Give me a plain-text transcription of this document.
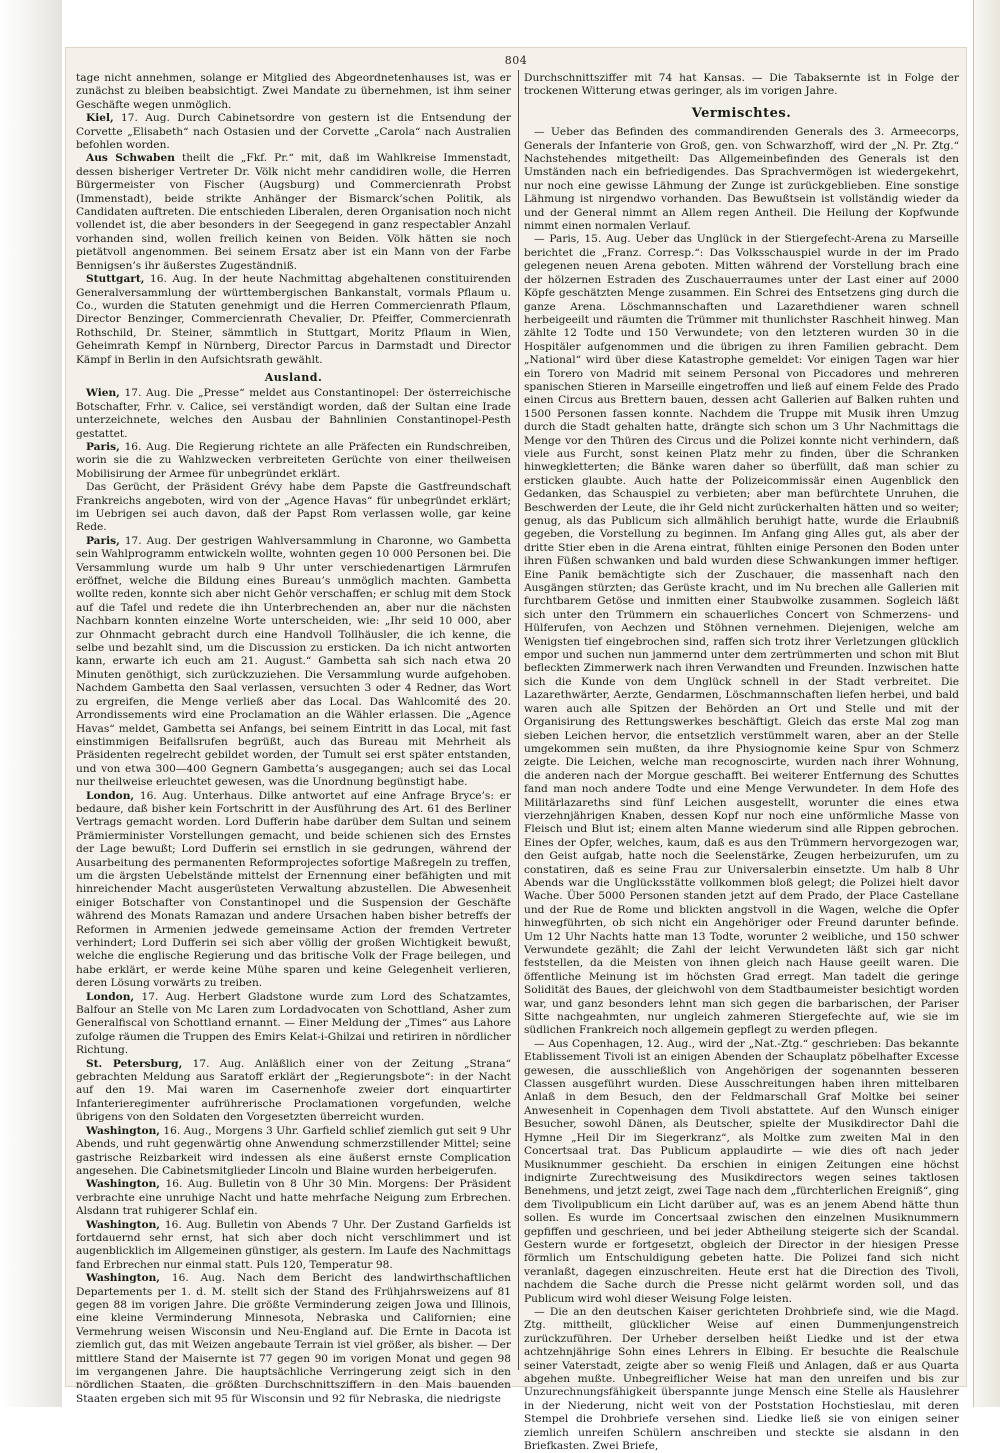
804

tage nicht annehmen, solange er Mitglied des Abgeordnetenhauses ist, was er zunächst zu bleiben beabsichtigt. Zwei Mandate zu übernehmen, ist ihm seiner Geschäfte wegen unmöglich.

Kiel, 17. Aug. Durch Cabinetsordre von gestern ist die Entsendung der Corvette „Elisabeth“ nach Ostasien und der Corvette „Carola“ nach Australien befohlen worden.

Aus Schwaben theilt die „Fkf. Pr.“ mit, daß im Wahlkreise Immenstadt, dessen bisheriger Vertreter Dr. Völk nicht mehr candidiren wolle, die Herren Bürgermeister von Fischer (Augsburg) und Commercienrath Probst (Immenstadt), beide strikte Anhänger der Bismarck’schen Politik, als Candidaten auftreten. Die entschieden Liberalen, deren Organisation noch nicht vollendet ist, die aber besonders in der Seegegend in ganz respectabler Anzahl vorhanden sind, wollen freilich keinen von Beiden. Völk hätten sie noch pietätvoll angenommen. Bei seinem Ersatz aber ist ein Mann von der Farbe Bennigsen’s ihr äußerstes Zugeständniß.

Stuttgart, 16. Aug. In der heute Nachmittag abgehaltenen constituirenden Generalversammlung der württembergischen Bankanstalt, vormals Pflaum u. Co., wurden die Statuten genehmigt und die Herren Commercienrath Pflaum, Director Benzinger, Commercienrath Chevalier, Dr. Pfeiffer, Commercienrath Rothschild, Dr. Steiner, sämmtlich in Stuttgart, Moritz Pflaum in Wien, Geheimrath Kempf in Nürnberg, Director Parcus in Darmstadt und Director Kämpf in Berlin in den Aufsichtsrath gewählt.

Ausland.

Wien, 17. Aug. Die „Presse“ meldet aus Constantinopel: Der österreichische Botschafter, Frhr. v. Calice, sei verständigt worden, daß der Sultan eine Irade unterzeichnete, welches den Ausbau der Bahnlinien Constantinopel-Pesth gestattet.

Paris, 16. Aug. Die Regierung richtete an alle Präfecten ein Rundschreiben, worin sie die zu Wahlzwecken verbreiteten Gerüchte von einer theilweisen Mobilisirung der Armee für unbegründet erklärt.

Das Gerücht, der Präsident Grévy habe dem Papste die Gastfreundschaft Frankreichs angeboten, wird von der „Agence Havas“ für unbegründet erklärt; im Uebrigen sei auch davon, daß der Papst Rom verlassen wolle, gar keine Rede.

Paris, 17. Aug. Der gestrigen Wahlversammlung in Charonne, wo Gambetta sein Wahlprogramm entwickeln wollte, wohnten gegen 10 000 Personen bei. Die Versammlung wurde um halb 9 Uhr unter verschiedenartigen Lärmrufen eröffnet, welche die Bildung eines Bureau’s unmöglich machten. Gambetta wollte reden, konnte sich aber nicht Gehör verschaffen; er schlug mit dem Stock auf die Tafel und redete die ihn Unterbrechenden an, aber nur die nächsten Nachbarn konnten einzelne Worte unterscheiden, wie: „Ihr seid 10 000, aber zur Ohnmacht gebracht durch eine Handvoll Tollhäusler, die ich kenne, die selbe und bezahlt sind, um die Discussion zu ersticken. Da ich nicht antworten kann, erwarte ich euch am 21. August.“ Gambetta sah sich nach etwa 20 Minuten genöthigt, sich zurückzuziehen. Die Versammlung wurde aufgehoben. Nachdem Gambetta den Saal verlassen, versuchten 3 oder 4 Redner, das Wort zu ergreifen, die Menge verließ aber das Local. Das Wahlcomité des 20. Arrondissements wird eine Proclamation an die Wähler erlassen. Die „Agence Havas“ meldet, Gambetta sei Anfangs, bei seinem Eintritt in das Local, mit fast einstimmigen Beifallsrufen begrüßt, auch das Bureau mit Mehrheit als Präsidenten regelrecht gebildet worden, der Tumult sei erst später entstanden, und von etwa 300—400 Gegnern Gambetta’s ausgegangen; auch sei das Local nur theilweise erleuchtet gewesen, was die Unordnung begünstigt habe.

London, 16. Aug. Unterhaus. Dilke antwortet auf eine Anfrage Bryce’s: er bedaure, daß bisher kein Fortschritt in der Ausführung des Art. 61 des Berliner Vertrags gemacht worden. Lord Dufferin habe darüber dem Sultan und seinem Prämierminister Vorstellungen gemacht, und beide schienen sich des Ernstes der Lage bewußt; Lord Dufferin sei ernstlich in sie gedrungen, während der Ausarbeitung des permanenten Reformprojectes sofortige Maßregeln zu treffen, um die ärgsten Uebelstände mittelst der Ernennung einer befähigten und mit hinreichender Macht ausgerüsteten Verwaltung abzustellen. Die Abwesenheit einiger Botschafter von Constantinopel und die Suspension der Geschäfte während des Monats Ramazan und andere Ursachen haben bisher betreffs der Reformen in Armenien jedwede gemeinsame Action der fremden Vertreter verhindert; Lord Dufferin sei sich aber völlig der großen Wichtigkeit bewußt, welche die englische Regierung und das britische Volk der Frage beilegen, und habe erklärt, er werde keine Mühe sparen und keine Gelegenheit verlieren, deren Lösung vorwärts zu treiben.

London, 17. Aug. Herbert Gladstone wurde zum Lord des Schatzamtes, Balfour an Stelle von Mc Laren zum Lordadvocaten von Schottland, Asher zum Generalfiscal von Schottland ernannt. — Einer Meldung der „Times“ aus Lahore zufolge räumen die Truppen des Emirs Kelat-i-Ghilzai und retiriren in nördlicher Richtung.

St. Petersburg, 17. Aug. Anläßlich einer von der Zeitung „Strana“ gebrachten Meldung aus Saratoff erklärt der „Regierungsbote“: in der Nacht auf den 19. Mai waren im Casernenhofe zweier dort einquartirter Infanterieregimenter aufrührerische Proclamationen vorgefunden, welche übrigens von den Soldaten den Vorgesetzten überreicht wurden.

Washington, 16. Aug., Morgens 3 Uhr. Garfield schlief ziemlich gut seit 9 Uhr Abends, und ruht gegenwärtig ohne Anwendung schmerzstillender Mittel; seine gastrische Reizbarkeit wird indessen als eine äußerst ernste Complication angesehen. Die Cabinetsmitglieder Lincoln und Blaine wurden herbeigerufen.

Washington, 16. Aug. Bulletin von 8 Uhr 30 Min. Morgens: Der Präsident verbrachte eine unruhige Nacht und hatte mehrfache Neigung zum Erbrechen. Alsdann trat ruhigerer Schlaf ein.

Washington, 16. Aug. Bulletin von Abends 7 Uhr. Der Zustand Garfields ist fortdauernd sehr ernst, hat sich aber doch nicht verschlimmert und ist augenblicklich im Allgemeinen günstiger, als gestern. Im Laufe des Nachmittags fand Erbrechen nur einmal statt. Puls 120, Temperatur 98.

Washington, 16. Aug. Nach dem Bericht des landwirthschaftlichen Departements per 1. d. M. stellt sich der Stand des Frühjahrsweizens auf 81 gegen 88 im vorigen Jahre. Die größte Verminderung zeigen Jowa und Illinois, eine kleine Verminderung Minnesota, Nebraska und Californien; eine Vermehrung weisen Wisconsin und Neu-England auf. Die Ernte in Dacota ist ziemlich gut, das mit Weizen angebaute Terrain ist viel größer, als bisher. — Der mittlere Stand der Maisernte ist 77 gegen 90 im vorigen Monat und gegen 98 im vergangenen Jahre. Die hauptsächliche Verringerung zeigt sich in den nördlichen Staaten, die größten Durchschnittsziffern in den Mais bauenden Staaten ergeben sich mit 95 für Wisconsin und 92 für Nebraska, die niedrigste

Durchschnittsziffer mit 74 hat Kansas. — Die Tabaksernte ist in Folge der trockenen Witterung etwas geringer, als im vorigen Jahre.

Vermischtes.

— Ueber das Befinden des commandirenden Generals des 3. Armeecorps, Generals der Infanterie von Groß, gen. von Schwarzhoff, wird der „N. Pr. Ztg.“ Nachstehendes mitgetheilt: Das Allgemeinbefinden des Generals ist den Umständen nach ein befriedigendes. Das Sprachvermögen ist wiedergekehrt, nur noch eine gewisse Lähmung der Zunge ist zurückgeblieben. Eine sonstige Lähmung ist nirgendwo vorhanden. Das Bewußtsein ist vollständig wieder da und der General nimmt an Allem regen Antheil. Die Heilung der Kopfwunde nimmt einen normalen Verlauf.

— Paris, 15. Aug. Ueber das Unglück in der Stiergefecht-Arena zu Marseille berichtet die „Franz. Corresp.“: Das Volksschauspiel wurde in der im Prado gelegenen neuen Arena geboten. Mitten während der Vorstellung brach eine der hölzernen Estraden des Zuschauerraumes unter der Last einer auf 2000 Köpfe geschätzten Menge zusammen. Ein Schrei des Entsetzens ging durch die ganze Arena. Löschmannschaften und Lazarethdiener waren schnell herbeigeeilt und räumten die Trümmer mit thunlichster Raschheit hinweg. Man zählte 12 Todte und 150 Verwundete; von den letzteren wurden 30 in die Hospitäler aufgenommen und die übrigen zu ihren Familien gebracht. Dem „National“ wird über diese Katastrophe gemeldet: Vor einigen Tagen war hier ein Torero von Madrid mit seinem Personal von Piccadores und mehreren spanischen Stieren in Marseille eingetroffen und ließ auf einem Felde des Prado einen Circus aus Brettern bauen, dessen acht Gallerien auf Balken ruhten und 1500 Personen fassen konnte. Nachdem die Truppe mit Musik ihren Umzug durch die Stadt gehalten hatte, drängte sich schon um 3 Uhr Nachmittags die Menge vor den Thüren des Circus und die Polizei konnte nicht verhindern, daß viele aus Furcht, sonst keinen Platz mehr zu finden, über die Schranken hinwegkletterten; die Bänke waren daher so überfüllt, daß man schier zu ersticken glaubte. Auch hatte der Polizeicommissär einen Augenblick den Gedanken, das Schauspiel zu verbieten; aber man befürchtete Unruhen, die Beschwerden der Leute, die ihr Geld nicht zurückerhalten hätten und so weiter; genug, als das Publicum sich allmählich beruhigt hatte, wurde die Erlaubniß gegeben, die Vorstellung zu beginnen. Im Anfang ging Alles gut, als aber der dritte Stier eben in die Arena eintrat, fühlten einige Personen den Boden unter ihren Füßen schwanken und bald wurden diese Schwankungen immer heftiger. Eine Panik bemächtigte sich der Zuschauer, die massenhaft nach den Ausgängen stürzten; das Gerüste kracht, und im Nu brechen alle Gallerien mit furchtbarem Getöse und inmitten einer Staubwolke zusammen. Sogleich läßt sich unter den Trümmern ein schauerliches Concert von Schmerzens- und Hülferufen, von Aechzen und Stöhnen vernehmen. Diejenigen, welche am Wenigsten tief eingebrochen sind, raffen sich trotz ihrer Verletzungen glücklich empor und suchen nun jammernd unter dem zertrümmerten und schon mit Blut befleckten Zimmerwerk nach ihren Verwandten und Freunden. Inzwischen hatte sich die Kunde von dem Unglück schnell in der Stadt verbreitet. Die Lazarethwärter, Aerzte, Gendarmen, Löschmannschaften liefen herbei, und bald waren auch alle Spitzen der Behörden an Ort und Stelle und mit der Organisirung des Rettungswerkes beschäftigt. Gleich das erste Mal zog man sieben Leichen hervor, die entsetzlich verstümmelt waren, aber an der Stelle umgekommen sein mußten, da ihre Physiognomie keine Spur von Schmerz zeigte. Die Leichen, welche man recognoscirte, wurden nach ihrer Wohnung, die anderen nach der Morgue geschafft. Bei weiterer Entfernung des Schuttes fand man noch andere Todte und eine Menge Verwundeter. In dem Hofe des Militärlazareths sind fünf Leichen ausgestellt, worunter die eines etwa vierzehnjährigen Knaben, dessen Kopf nur noch eine unförmliche Masse von Fleisch und Blut ist; einem alten Manne wiederum sind alle Rippen gebrochen. Eines der Opfer, welches, kaum, daß es aus den Trümmern hervorgezogen war, den Geist aufgab, hatte noch die Seelenstärke, Zeugen herbeizurufen, um zu constatiren, daß es seine Frau zur Universalerbin einsetzte. Um halb 8 Uhr Abends war die Unglücksstätte vollkommen bloß gelegt; die Polizei hielt davor Wache. Über 5000 Personen standen jetzt auf dem Prado, der Place Castellane und der Rue de Rome und blickten angstvoll in die Wagen, welche die Opfer hinwegführten, ob sich nicht ein Angehöriger oder Freund darunter befinde. Um 12 Uhr Nachts hatte man 13 Todte, worunter 2 weibliche, und 150 schwer Verwundete gezählt; die Zahl der leicht Verwundeten läßt sich gar nicht feststellen, da die Meisten von ihnen gleich nach Hause geeilt waren. Die öffentliche Meinung ist im höchsten Grad erregt. Man tadelt die geringe Solidität des Baues, der gleichwohl von dem Stadtbaumeister besichtigt worden war, und ganz besonders lehnt man sich gegen die barbarischen, der Pariser Sitte nachgeahmten, nur ungleich zahmeren Stiergefechte auf, wie sie im südlichen Frankreich noch allgemein gepflegt zu werden pflegen.

— Aus Copenhagen, 12. Aug., wird der „Nat.-Ztg.“ geschrieben: Das bekannte Etablissement Tivoli ist an einigen Abenden der Schauplatz pöbelhafter Excesse gewesen, die ausschließlich von Angehörigen der sogenannten besseren Classen ausgeführt wurden. Diese Ausschreitungen haben ihren mittelbaren Anlaß in dem Besuch, den der Feldmarschall Graf Moltke bei seiner Anwesenheit in Copenhagen dem Tivoli abstattete. Auf den Wunsch einiger Besucher, sowohl Dänen, als Deutscher, spielte der Musikdirector Dahl die Hymne „Heil Dir im Siegerkranz“, als Moltke zum zweiten Mal in den Concertsaal trat. Das Publicum applaudirte — wie dies oft nach jeder Musiknummer geschieht. Da erschien in einigen Zeitungen eine höchst indignirte Zurechtweisung des Musikdirectors wegen seines taktlosen Benehmens, und jetzt zeigt, zwei Tage nach dem „fürchterlichen Ereigniß“, ging dem Tivolipublicum ein Licht darüber auf, was es an jenem Abend hätte thun sollen. Es wurde im Concertsaal zwischen den einzelnen Musiknummern gepfiffen und geschrieen, und bei jeder Abtheilung steigerte sich der Scandal. Gestern wurde er fortgesetzt, obgleich der Director in der hiesigen Presse förmlich um Entschuldigung gebeten hatte. Die Polizei fand sich nicht veranlaßt, dagegen einzuschreiten. Heute erst hat die Direction des Tivoli, nachdem die Sache durch die Presse nicht gelärmt worden soll, und das Publicum wird wohl dieser Weisung Folge leisten.

— Die an den deutschen Kaiser gerichteten Drohbriefe sind, wie die Magd. Ztg. mittheilt, glücklicher Weise auf einen Dummenjungenstreich zurückzuführen. Der Urheber derselben heißt Liedke und ist der etwa achtzehnjährige Sohn eines Lehrers in Elbing. Er besuchte die Realschule seiner Vaterstadt, zeigte aber so wenig Fleiß und Anlagen, daß er aus Quarta abgehen mußte. Unbegreiflicher Weise hat man den unreifen und bis zur Unzurechnungsfähigkeit überspannte junge Mensch eine Stelle als Hauslehrer in der Niederung, nicht weit von der Poststation Hochstieslau, mit deren Stempel die Drohbriefe versehen sind. Liedke ließ sie von einigen seiner ziemlich unreifen Schülern anschreiben und steckte sie alsdann in den Briefkasten. Zwei Briefe,
